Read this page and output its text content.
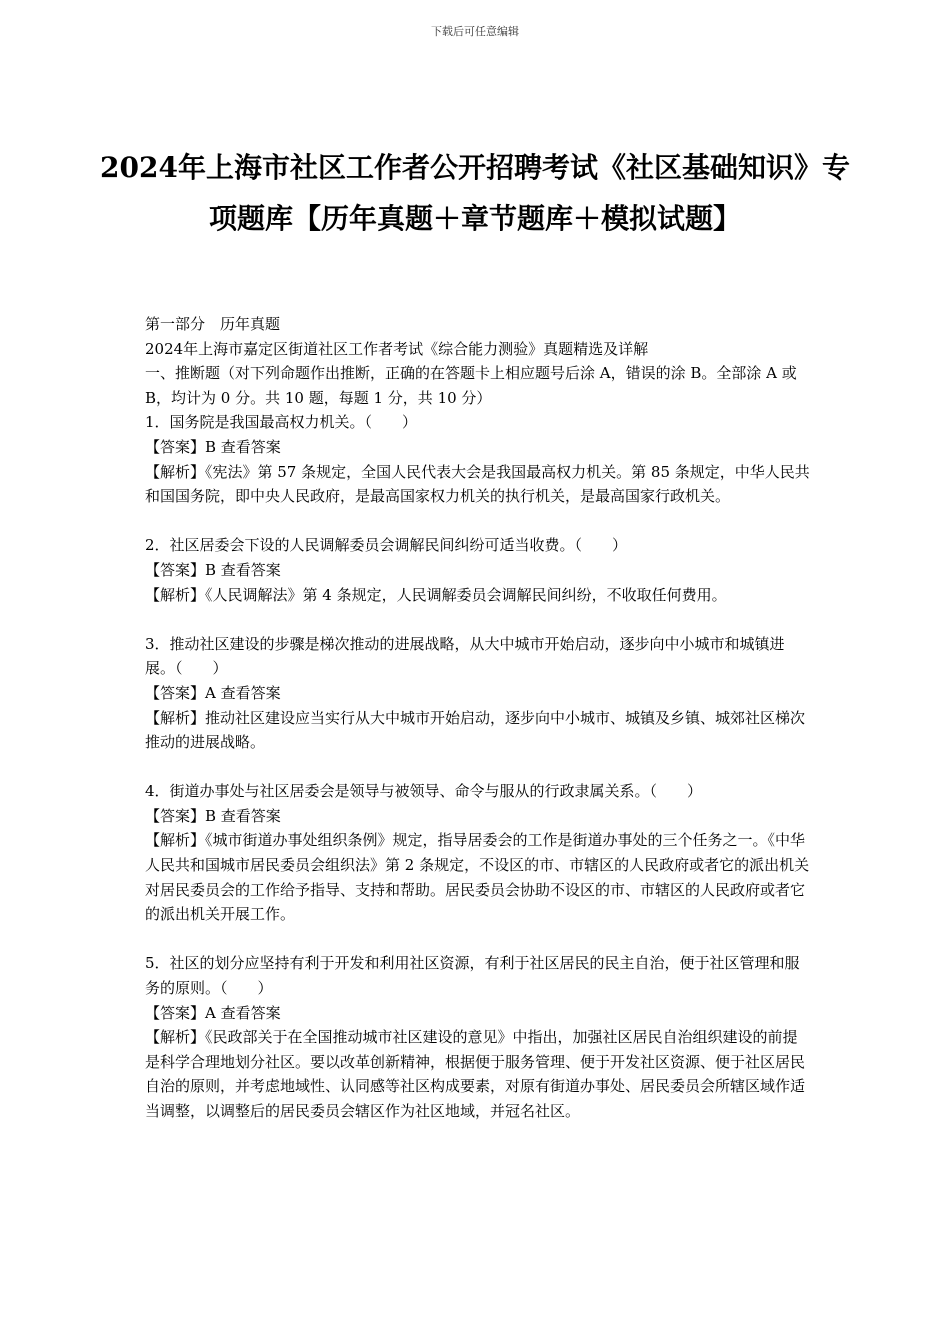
下载后可任意编辑
2024年上海市社区工作者公开招聘考试《社区基础知识》专项题库【历年真题＋章节题库＋模拟试题】

第一部分　历年真题

2024年上海市嘉定区街道社区工作者考试《综合能力测验》真题精选及详解

一、推断题（对下列命题作出推断，正确的在答题卡上相应题号后涂 A，错误的涂 B。全部涂 A 或 B，均计为 0 分。共 10 题，每题 1 分，共 10 分）

1．国务院是我国最高权力机关。（　　）

【答案】B 查看答案

【解析】《宪法》第 57 条规定，全国人民代表大会是我国最高权力机关。第 85 条规定，中华人民共和国国务院，即中央人民政府，是最高国家权力机关的执行机关，是最高国家行政机关。

2．社区居委会下设的人民调解委员会调解民间纠纷可适当收费。（　　）

【答案】B 查看答案

【解析】《人民调解法》第 4 条规定，人民调解委员会调解民间纠纷，不收取任何费用。

3．推动社区建设的步骤是梯次推动的进展战略，从大中城市开始启动，逐步向中小城市和城镇进展。（　　）

【答案】A 查看答案

【解析】推动社区建设应当实行从大中城市开始启动，逐步向中小城市、城镇及乡镇、城郊社区梯次推动的进展战略。

4．街道办事处与社区居委会是领导与被领导、命令与服从的行政隶属关系。（　　）

【答案】B 查看答案

【解析】《城市街道办事处组织条例》规定，指导居委会的工作是街道办事处的三个任务之一。《中华人民共和国城市居民委员会组织法》第 2 条规定，不设区的市、市辖区的人民政府或者它的派出机关对居民委员会的工作给予指导、支持和帮助。居民委员会协助不设区的市、市辖区的人民政府或者它的派出机关开展工作。

5．社区的划分应坚持有利于开发和利用社区资源，有利于社区居民的民主自治，便于社区管理和服务的原则。（　　）

【答案】A 查看答案

【解析】《民政部关于在全国推动城市社区建设的意见》中指出，加强社区居民自治组织建设的前提是科学合理地划分社区。要以改革创新精神，根据便于服务管理、便于开发社区资源、便于社区居民自治的原则，并考虑地域性、认同感等社区构成要素，对原有街道办事处、居民委员会所辖区域作适当调整，以调整后的居民委员会辖区作为社区地域，并冠名社区。
